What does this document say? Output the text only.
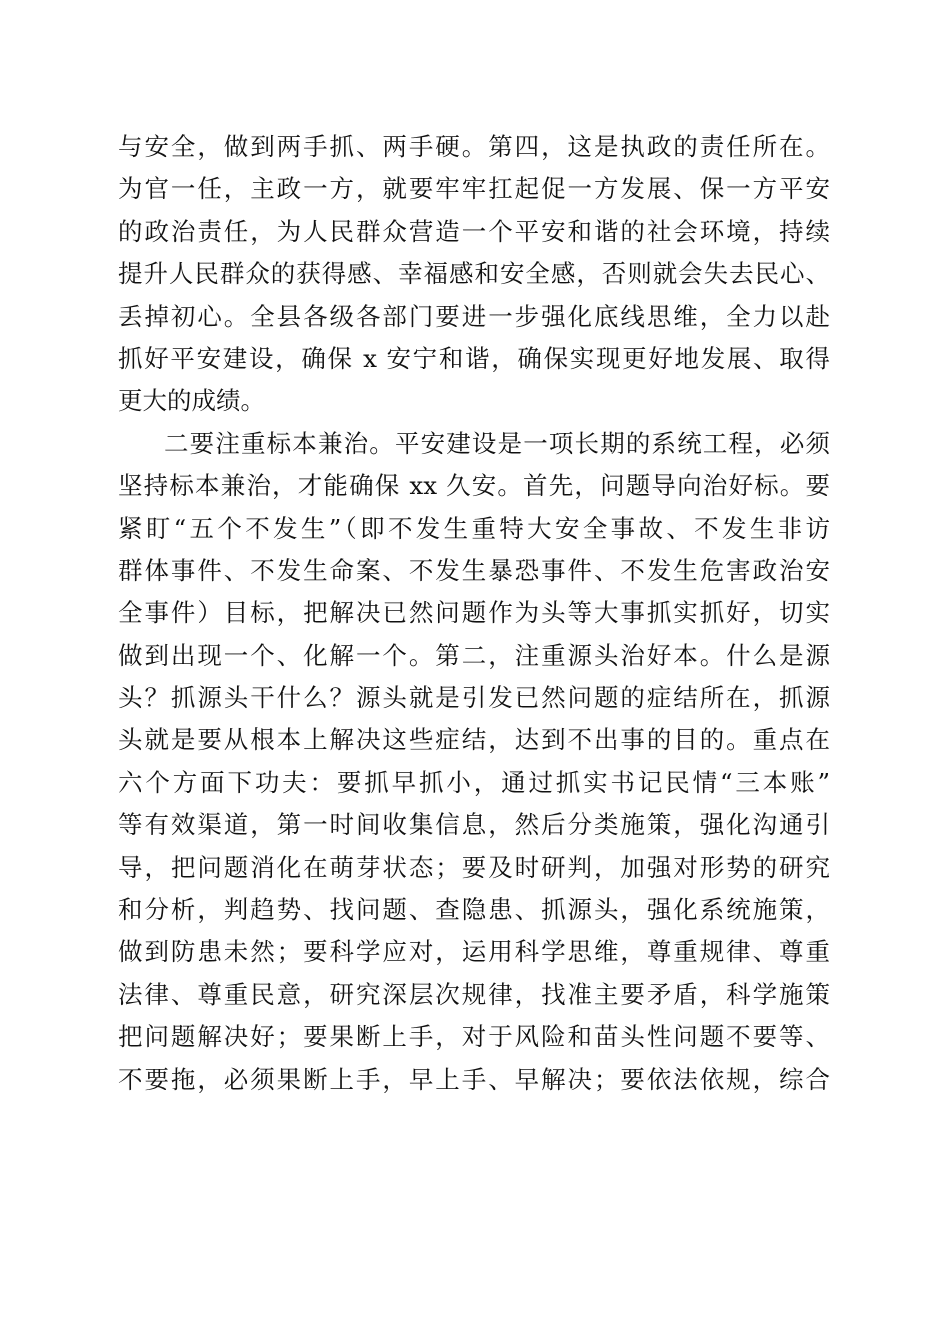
与安全，做到两手抓、两手硬。第四，这是执政的责任所在。
为官一任，主政一方，就要牢牢扛起促一方发展、保一方平安
的政治责任，为人民群众营造一个平安和谐的社会环境，持续
提升人民群众的获得感、幸福感和安全感，否则就会失去民心、
丢掉初心。全县各级各部门要进一步强化底线思维，全力以赴
抓好平安建设，确保 x 安宁和谐，确保实现更好地发展、取得
更大的成绩。
二要注重标本兼治。平安建设是一项长期的系统工程，必须
坚持标本兼治，才能确保 xx 久安。首先，问题导向治好标。要
紧盯“五个不发生”（即不发生重特大安全事故、不发生非访
群体事件、不发生命案、不发生暴恐事件、不发生危害政治安
全事件）目标，把解决已然问题作为头等大事抓实抓好，切实
做到出现一个、化解一个。第二，注重源头治好本。什么是源
头？抓源头干什么？源头就是引发已然问题的症结所在，抓源
头就是要从根本上解决这些症结，达到不出事的目的。重点在
六个方面下功夫：要抓早抓小，通过抓实书记民情“三本账”
等有效渠道，第一时间收集信息，然后分类施策，强化沟通引
导，把问题消化在萌芽状态；要及时研判，加强对形势的研究
和分析，判趋势、找问题、查隐患、抓源头，强化系统施策，
做到防患未然；要科学应对，运用科学思维，尊重规律、尊重
法律、尊重民意，研究深层次规律，找准主要矛盾，科学施策
把问题解决好；要果断上手，对于风险和苗头性问题不要等、
不要拖，必须果断上手，早上手、早解决；要依法依规，综合
